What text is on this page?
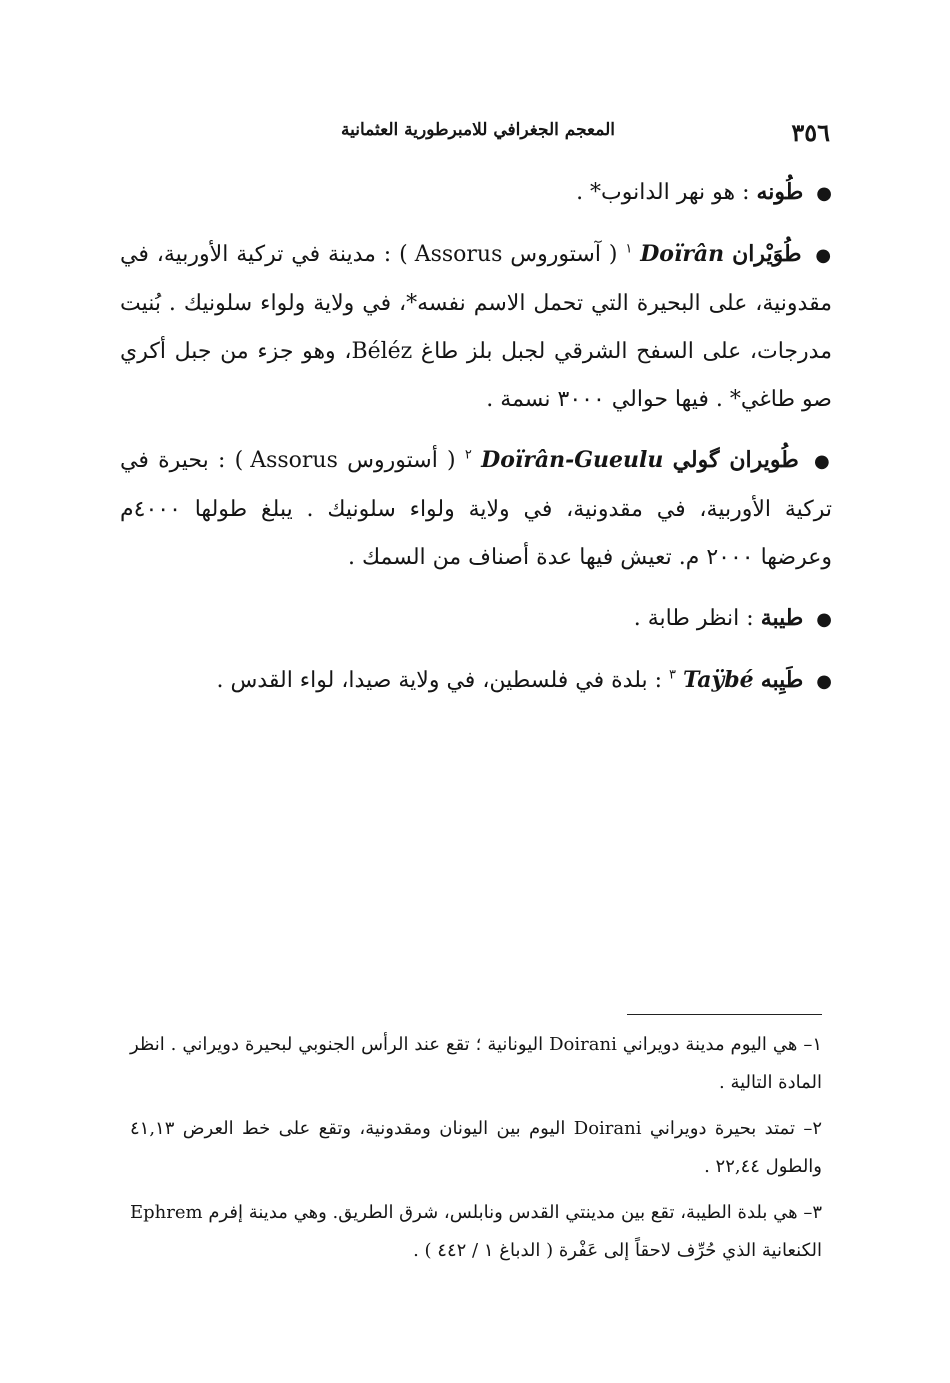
٣٥٦
المعجم الجغرافي للامبرطورية العثمانية

● طُونه : هو نهر الدانوب* .

● طُوَيْران Doïrân $^١$ ( آستوروس Assorus ) : مدينة في تركية الأوربية، في مقدونية، على البحيرة التي تحمل الاسم نفسه*، في ولاية ولواء سلونيك . بُنيت مدرجات، على السفح الشرقي لجبل بلز طاغ Béléz، وهو جزء من جبل أكري صو طاغي* . فيها حوالي ٣٠٠٠ نسمة .

● طُويران گولي Doïrân-Gueulu $^٢$ ( أستوروس Assorus ) : بحيرة في تركية الأوربية، في مقدونية، في ولاية ولواء سلونيك . يبلغ طولها ٤٠٠٠م وعرضها ٢٠٠٠ م. تعيش فيها عدة أصناف من السمك .

● طيبة : انظر طابة .

● طَيِبه Taÿbé $^٣$ : بلدة في فلسطين، في ولاية صيدا، لواء القدس .

١– هي اليوم مدينة دويراني Doirani اليونانية ؛ تقع عند الرأس الجنوبي لبحيرة دويراني . انظر المادة التالية .

٢– تمتد بحيرة دويراني Doirani اليوم بين اليونان ومقدونية، وتقع على خط العرض ٤١,١٣ والطول ٢٢,٤٤ .

٣– هي بلدة الطيبة، تقع بين مدينتي القدس ونابلس، شرق الطريق. وهي مدينة إفرم Ephrem الكنعانية الذي حُرِّف لاحقاً إلى عَفْرة ( الدباغ ١ / ٤٤٢ ) .
